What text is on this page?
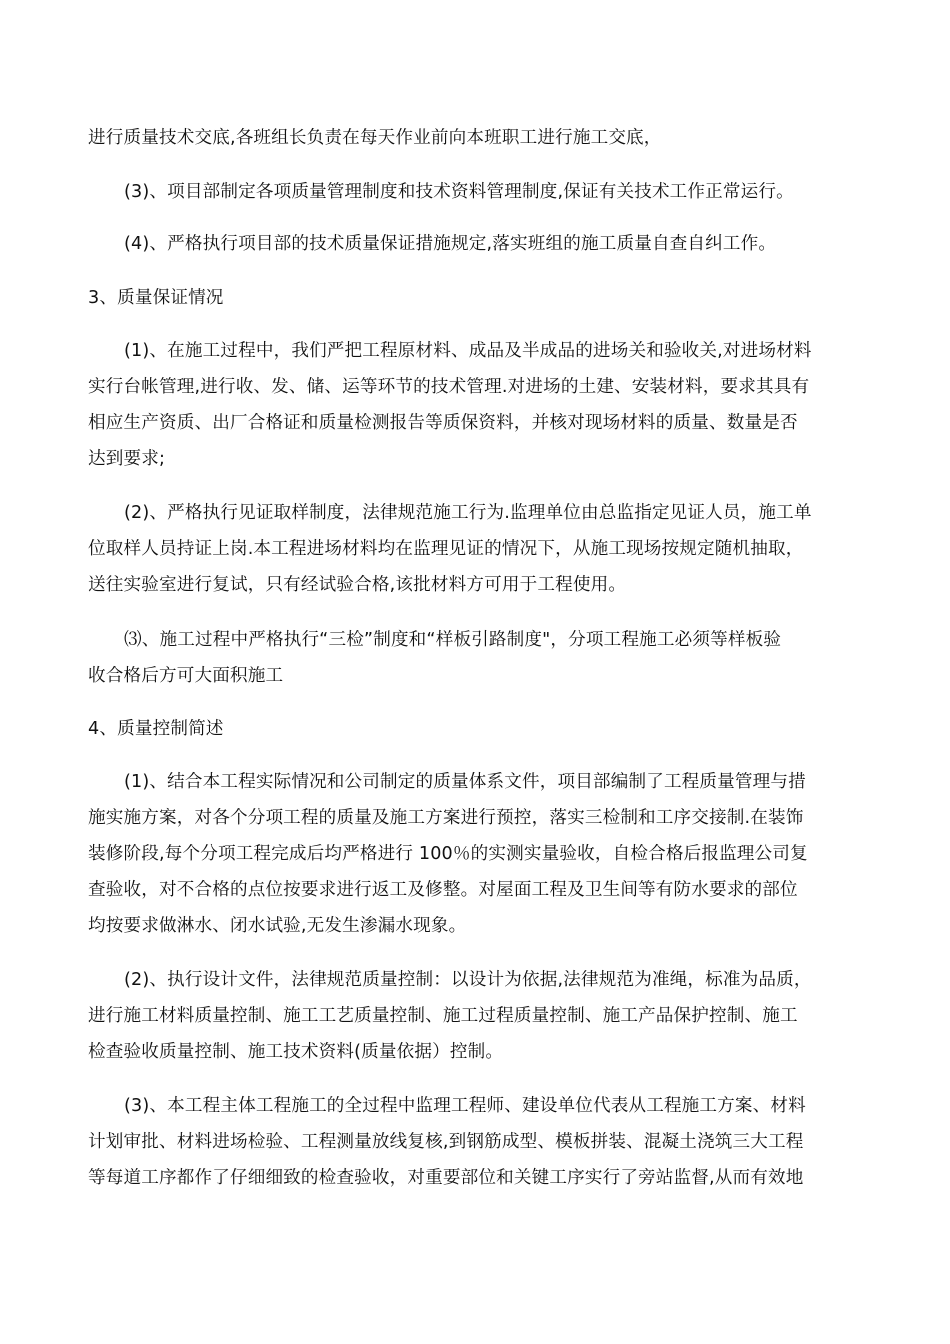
进行质量技术交底,各班组长负责在每天作业前向本班职工进行施工交底，
(3)、项目部制定各项质量管理制度和技术资料管理制度,保证有关技术工作正常运行。
(4)、严格执行项目部的技术质量保证措施规定,落实班组的施工质量自查自纠工作。
3、质量保证情况
(1)、在施工过程中，我们严把工程原材料、成品及半成品的进场关和验收关,对进场材料
实行台帐管理,进行收、发、储、运等环节的技术管理.对进场的土建、安装材料，要求其具有
相应生产资质、出厂合格证和质量检测报告等质保资料，并核对现场材料的质量、数量是否
达到要求;
(2)、严格执行见证取样制度，法律规范施工行为.监理单位由总监指定见证人员，施工单
位取样人员持证上岗.本工程进场材料均在监理见证的情况下，从施工现场按规定随机抽取，
送往实验室进行复试，只有经试验合格,该批材料方可用于工程使用。
⑶、施工过程中严格执行“三检”制度和“样板引路制度"，分项工程施工必须等样板验
收合格后方可大面积施工
4、质量控制简述
(1)、结合本工程实际情况和公司制定的质量体系文件，项目部编制了工程质量管理与措
施实施方案，对各个分项工程的质量及施工方案进行预控，落实三检制和工序交接制.在装饰
装修阶段,每个分项工程完成后均严格进行 100％的实测实量验收，自检合格后报监理公司复
查验收，对不合格的点位按要求进行返工及修整。对屋面工程及卫生间等有防水要求的部位
均按要求做淋水、闭水试验,无发生渗漏水现象。
(2)、执行设计文件，法律规范质量控制：以设计为依据,法律规范为准绳，标准为品质，
进行施工材料质量控制、施工工艺质量控制、施工过程质量控制、施工产品保护控制、施工
检查验收质量控制、施工技术资料(质量依据）控制。
(3)、本工程主体工程施工的全过程中监理工程师、建设单位代表从工程施工方案、材料
计划审批、材料进场检验、工程测量放线复核,到钢筋成型、模板拼装、混凝土浇筑三大工程
等每道工序都作了仔细细致的检查验收，对重要部位和关键工序实行了旁站监督,从而有效地
